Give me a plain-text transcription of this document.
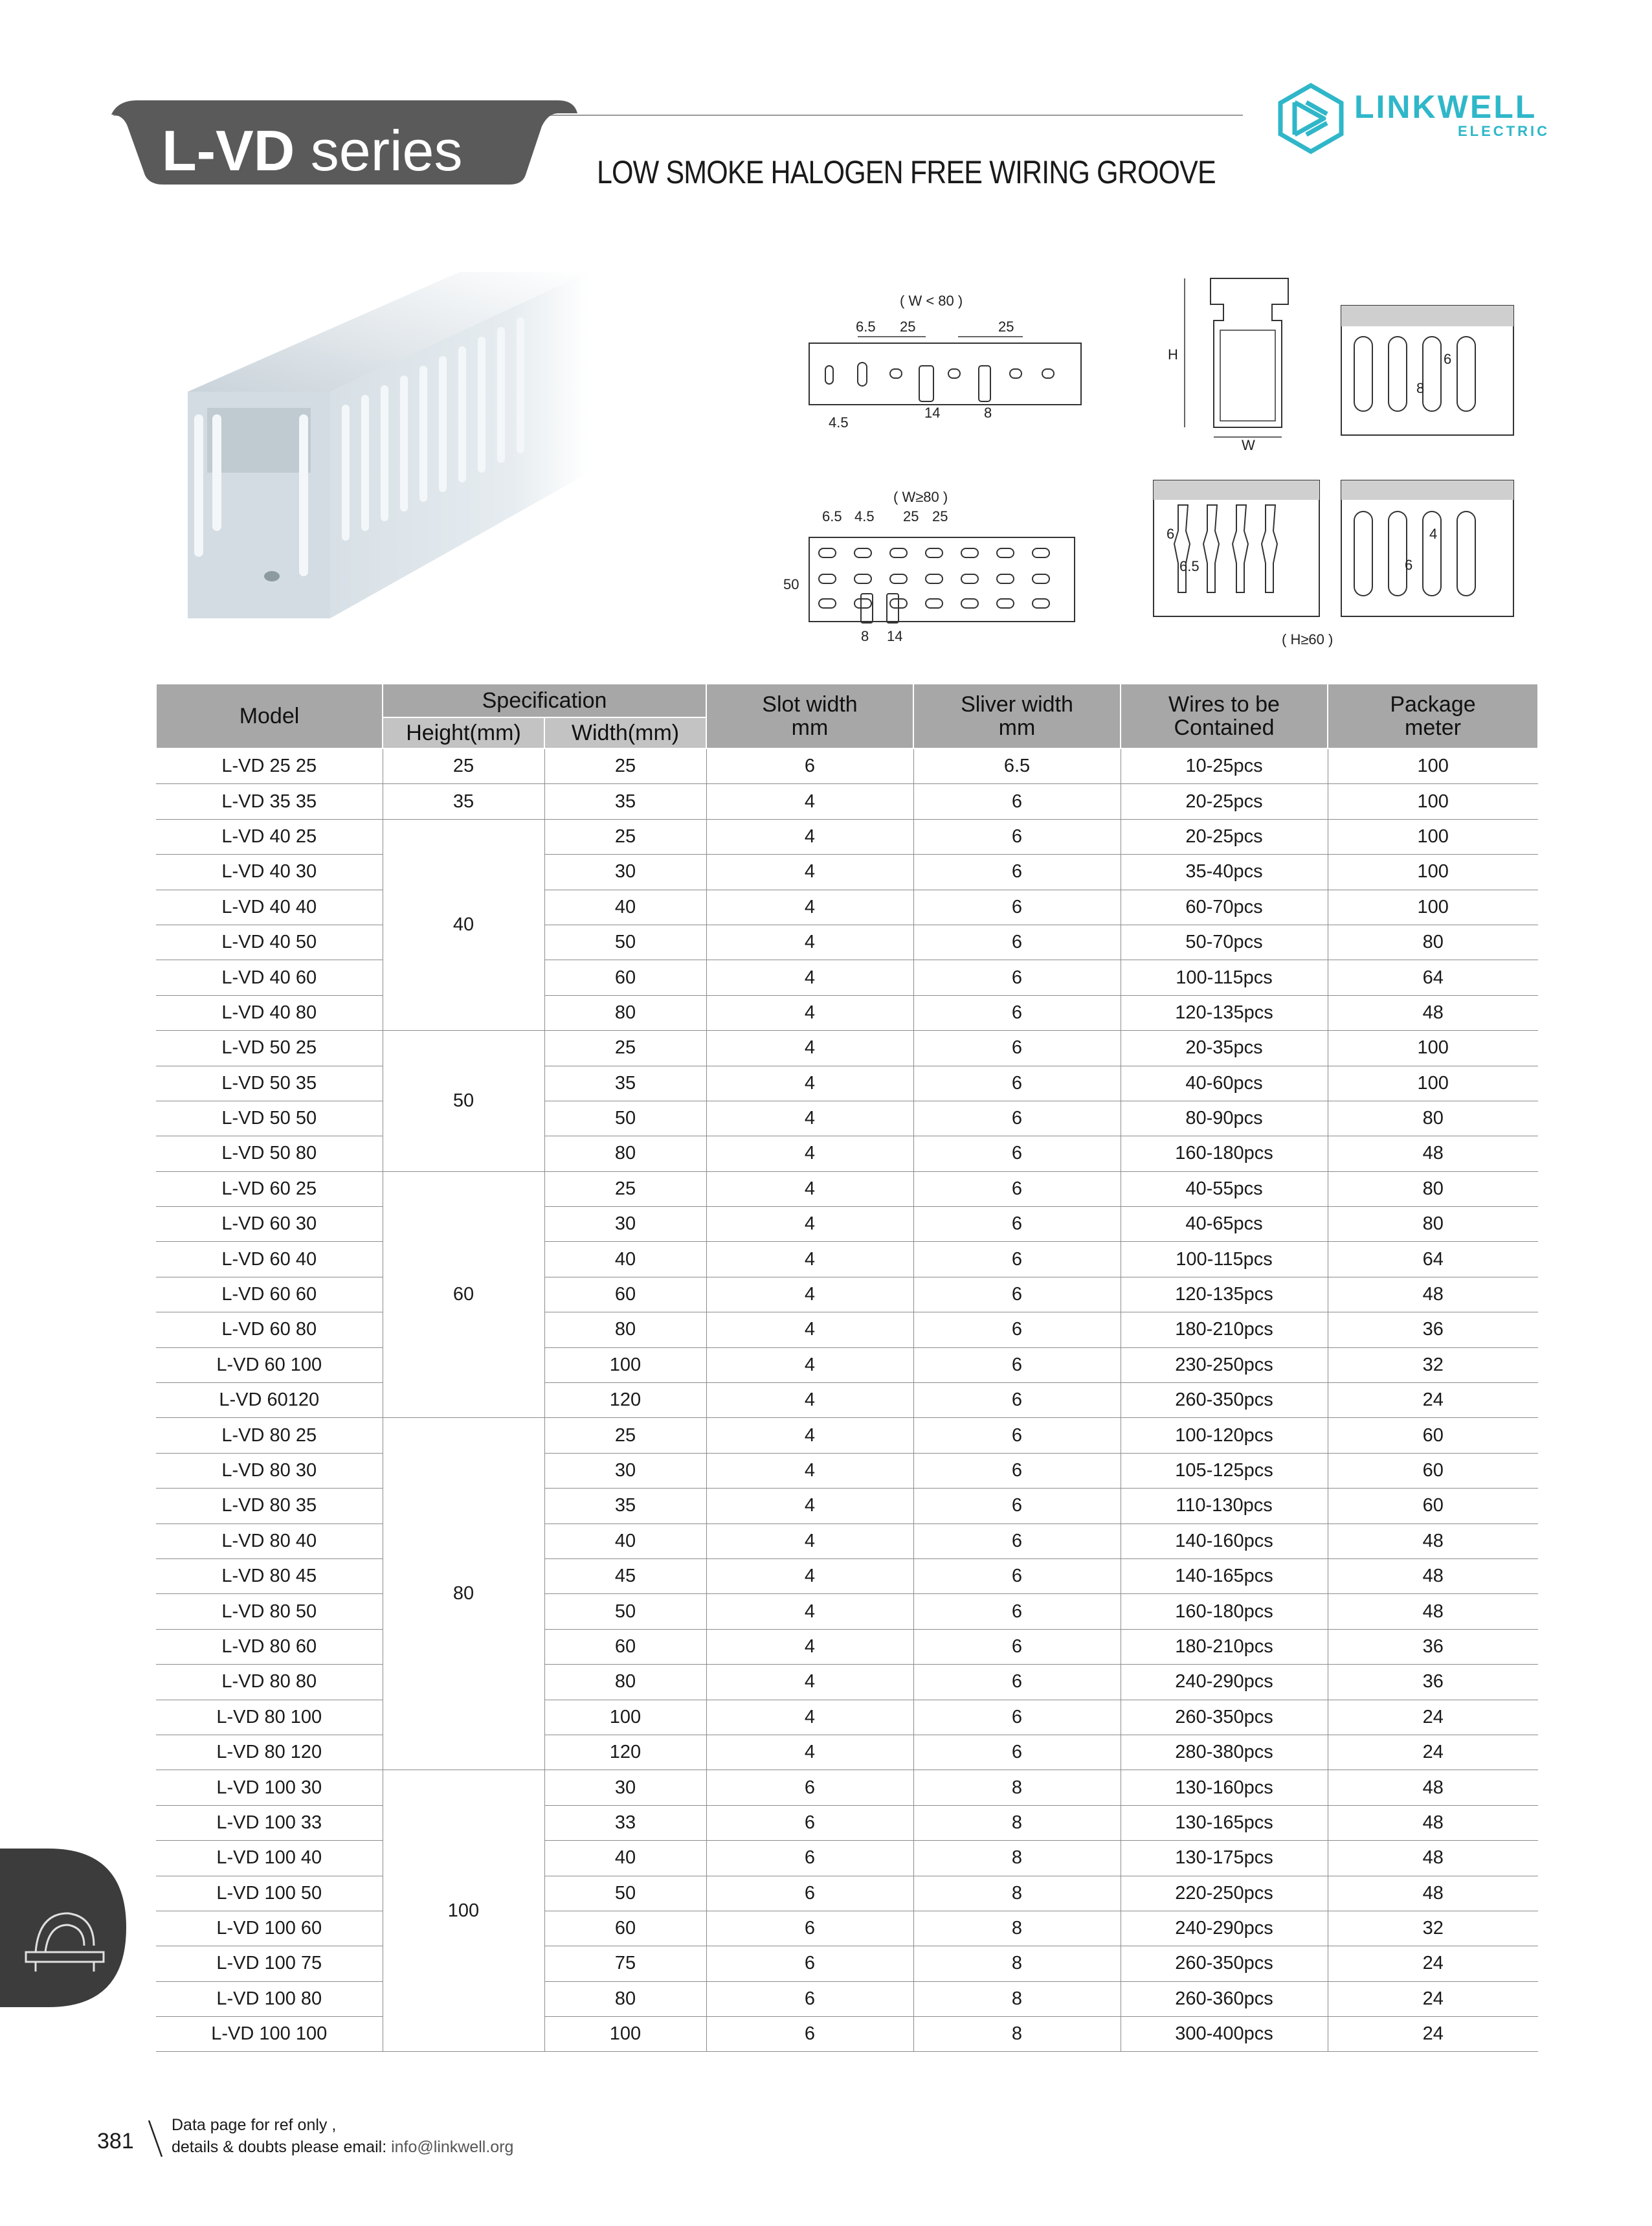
L-VD series	LOW SMOKE HALOGEN FREE WIRING GROOVE
LINKWELL
ELECTRIC
( W < 80 )
6.5 25	25
4.5
14	8
( W≥80 )
6.5 4.5 25 25
50
8 14
H
W
6
8
6
6.5
4
6
( H≥60 )
Model	Specification		Slot width mm	Sliver width mm	Wires to be Contained	Package meter
	Height(mm)	Width(mm)				
L-VD 25 25	25	25	6	6.5	10-25pcs	100
L-VD 35 35	35	35	4	6	20-25pcs	100
L-VD 40 25	40	25	4	6	20-25pcs	100
L-VD 40 30		30	4	6	35-40pcs	100
L-VD 40 40		40	4	6	60-70pcs	100
L-VD 40 50		50	4	6	50-70pcs	80
L-VD 40 60		60	4	6	100-115pcs	64
L-VD 40 80		80	4	6	120-135pcs	48
L-VD 50 25	50	25	4	6	20-35pcs	100
L-VD 50 35		35	4	6	40-60pcs	100
L-VD 50 50		50	4	6	80-90pcs	80
L-VD 50 80		80	4	6	160-180pcs	48
L-VD 60 25	60	25	4	6	40-55pcs	80
L-VD 60 30		30	4	6	40-65pcs	80
L-VD 60 40		40	4	6	100-115pcs	64
L-VD 60 60		60	4	6	120-135pcs	48
L-VD 60 80		80	4	6	180-210pcs	36
L-VD 60 100		100	4	6	230-250pcs	32
L-VD 60120		120	4	6	260-350pcs	24
L-VD 80 25	80	25	4	6	100-120pcs	60
L-VD 80 30		30	4	6	105-125pcs	60
L-VD 80 35		35	4	6	110-130pcs	60
L-VD 80 40		40	4	6	140-160pcs	48
L-VD 80 45		45	4	6	140-165pcs	48
L-VD 80 50		50	4	6	160-180pcs	48
L-VD 80 60		60	4	6	180-210pcs	36
L-VD 80 80		80	4	6	240-290pcs	36
L-VD 80 100		100	4	6	260-350pcs	24
L-VD 80 120		120	4	6	280-380pcs	24
L-VD 100 30	100	30	6	8	130-160pcs	48
L-VD 100 33		33	6	8	130-165pcs	48
L-VD 100 40		40	6	8	130-175pcs	48
L-VD 100 50		50	6	8	220-250pcs	48
L-VD 100 60		60	6	8	240-290pcs	32
L-VD 100 75		75	6	8	260-350pcs	24
L-VD 100 80		80	6	8	260-360pcs	24
L-VD 100 100		100	6	8	300-400pcs	24
381
Data page for ref only ,
details & doubts please email: info@linkwell.org
